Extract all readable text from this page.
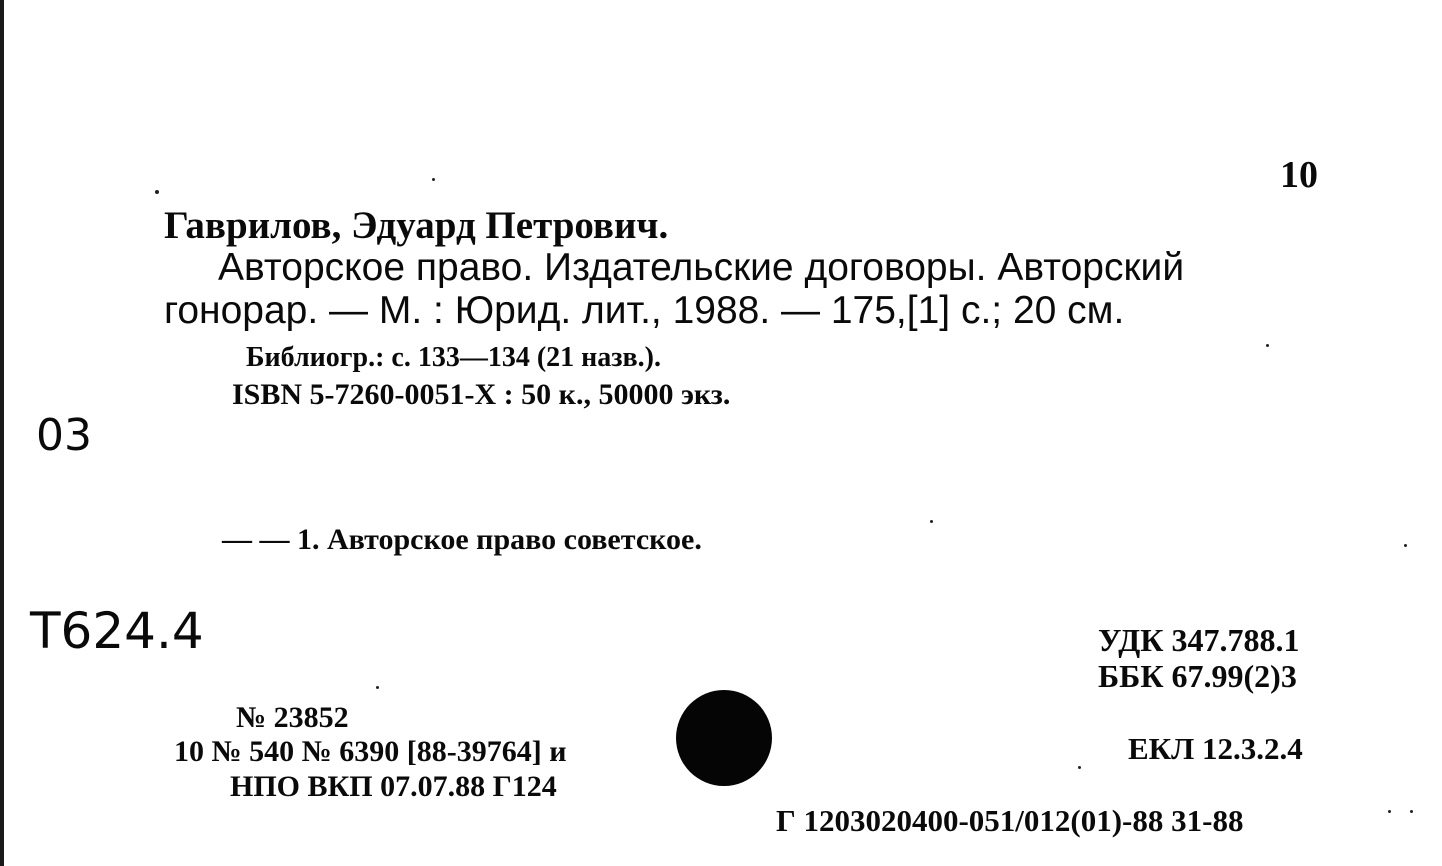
10
Гаврилов, Эдуард Петрович.
Авторское право. Издательские договоры. Авторский
гонорар. — М. : Юрид. лит., 1988. — 175,[1] с.; 20 см.
Библиогр.: с. 133—134 (21 назв.).
ISBN 5-7260-0051-X : 50 к., 50000 экз.
03
— — 1. Авторское право советское.
Т624.4	УДК 347.788.1
ББК 67.99(2)3
№ 23852
10 № 540 № 6390 [88-39764] и
НПО ВКП 07.07.88 Г124
ЕКЛ 12.3.2.4
Г 1203020400-051/012(01)-88 31-88
